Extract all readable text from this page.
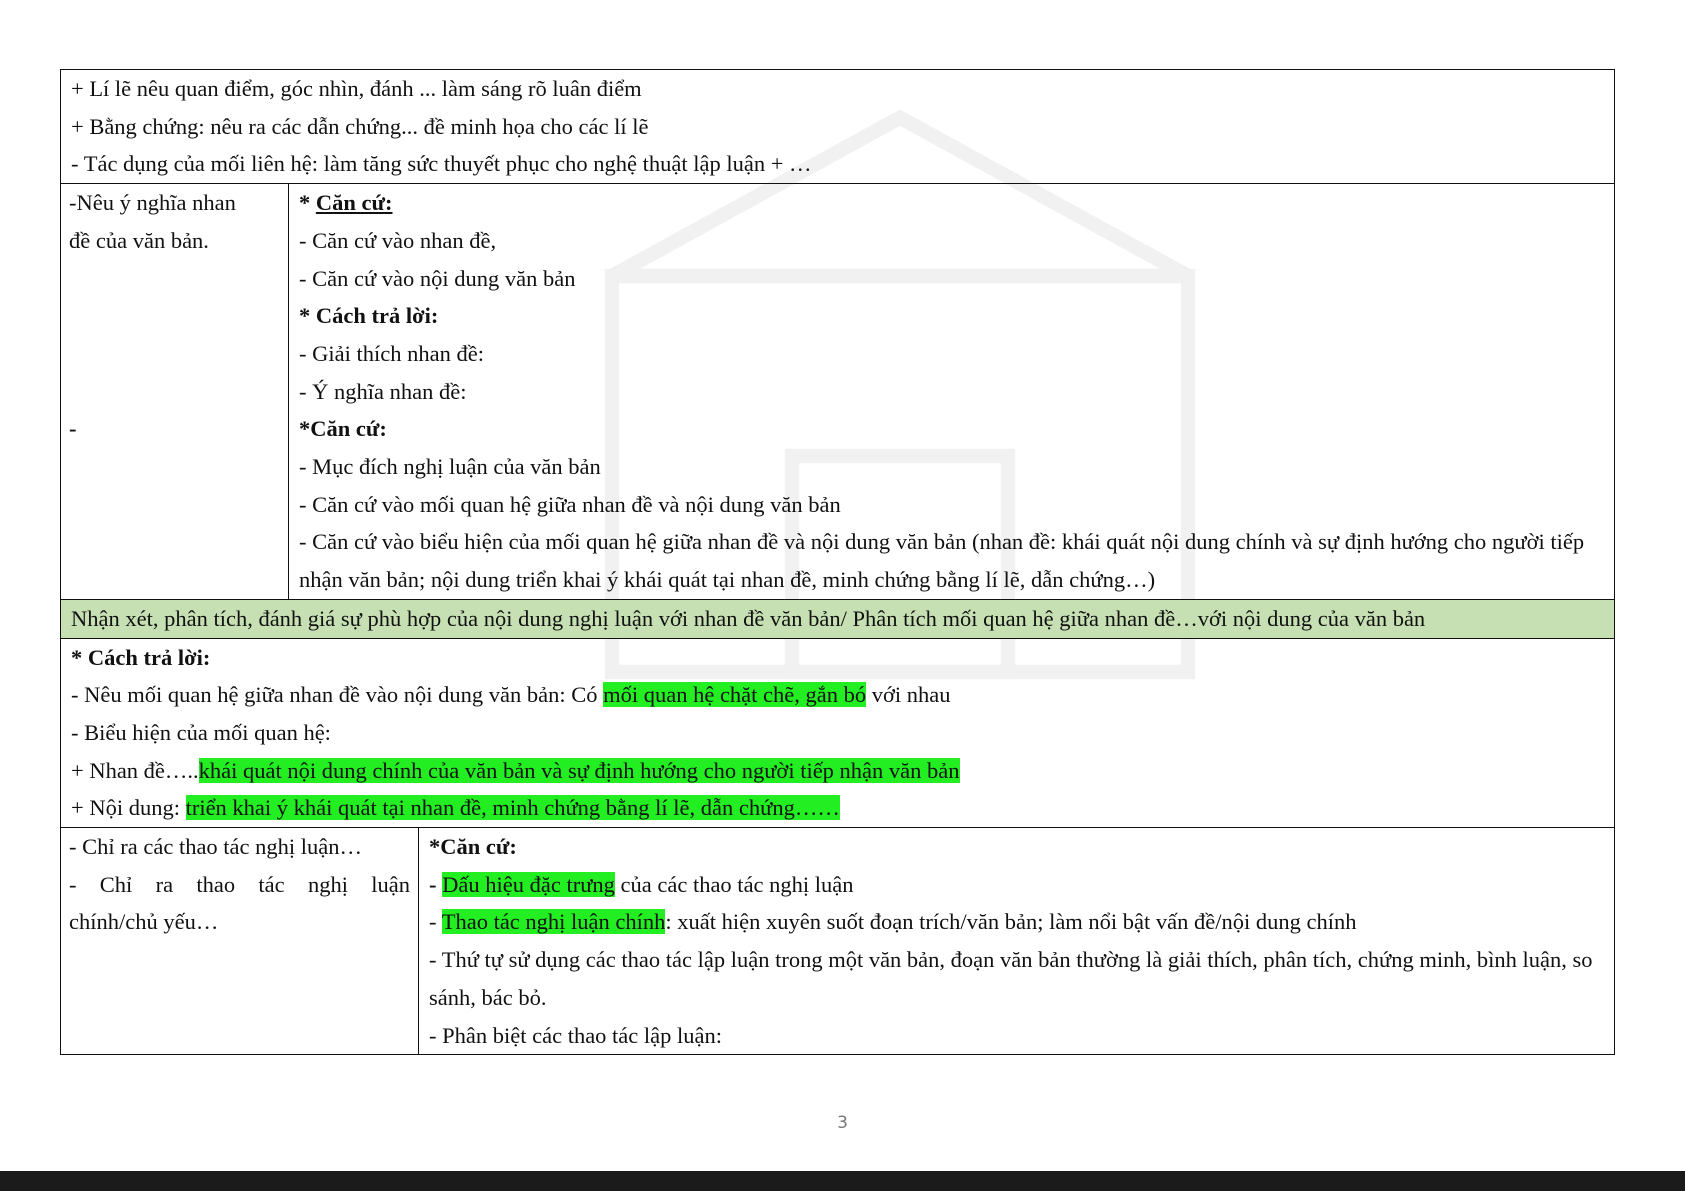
+ Lí lẽ nêu quan điểm, góc nhìn, đánh ... làm sáng rõ luân điểm
+ Bằng chứng: nêu ra các dẫn chứng... đề minh họa cho các lí lẽ
- Tác dụng của mối liên hệ: làm tăng sức thuyết phục cho nghệ thuật lập luận + …
-Nêu ý nghĩa nhan
đề của văn bản.

-
* Căn cứ:
- Căn cứ vào nhan đề,
- Căn cứ vào nội dung văn bản
* Cách trả lời:
- Giải thích nhan đề:
- Ý nghĩa nhan đề:
*Căn cứ:
- Mục đích nghị luận của văn bản
- Căn cứ vào mối quan hệ giữa nhan đề và nội dung văn bản
- Căn cứ vào biểu hiện của mối quan hệ giữa nhan đề và nội dung văn bản (nhan đề: khái quát nội dung chính và sự định hướng cho người tiếp nhận văn bản; nội dung triển khai ý khái quát tại nhan đề, minh chứng bằng lí lẽ, dẫn chứng…)
Nhận xét, phân tích, đánh giá sự phù hợp của nội dung nghị luận với nhan đề văn bản/ Phân tích mối quan hệ giữa nhan đề…với nội dung của văn bản
* Cách trả lời:
- Nêu mối quan hệ giữa nhan đề vào nội dung văn bản: Có mối quan hệ chặt chẽ, gắn bó với nhau
- Biểu hiện của mối quan hệ:
+ Nhan đề…..khái quát nội dung chính của văn bản và sự định hướng cho người tiếp nhận văn bản
+ Nội dung: triển khai ý khái quát tại nhan đề, minh chứng bằng lí lẽ, dẫn chứng……
- Chỉ ra các thao tác nghị luận…
- Chỉ ra thao tác nghị luận
chính/chủ yếu…
*Căn cứ:
- Dấu hiệu đặc trưng của các thao tác nghị luận
- Thao tác nghị luận chính: xuất hiện xuyên suốt đoạn trích/văn bản; làm nổi bật vấn đề/nội dung chính
- Thứ tự sử dụng các thao tác lập luận trong một văn bản, đoạn văn bản thường là giải thích, phân tích, chứng minh, bình luận, so sánh, bác bỏ.
- Phân biệt các thao tác lập luận:
3
